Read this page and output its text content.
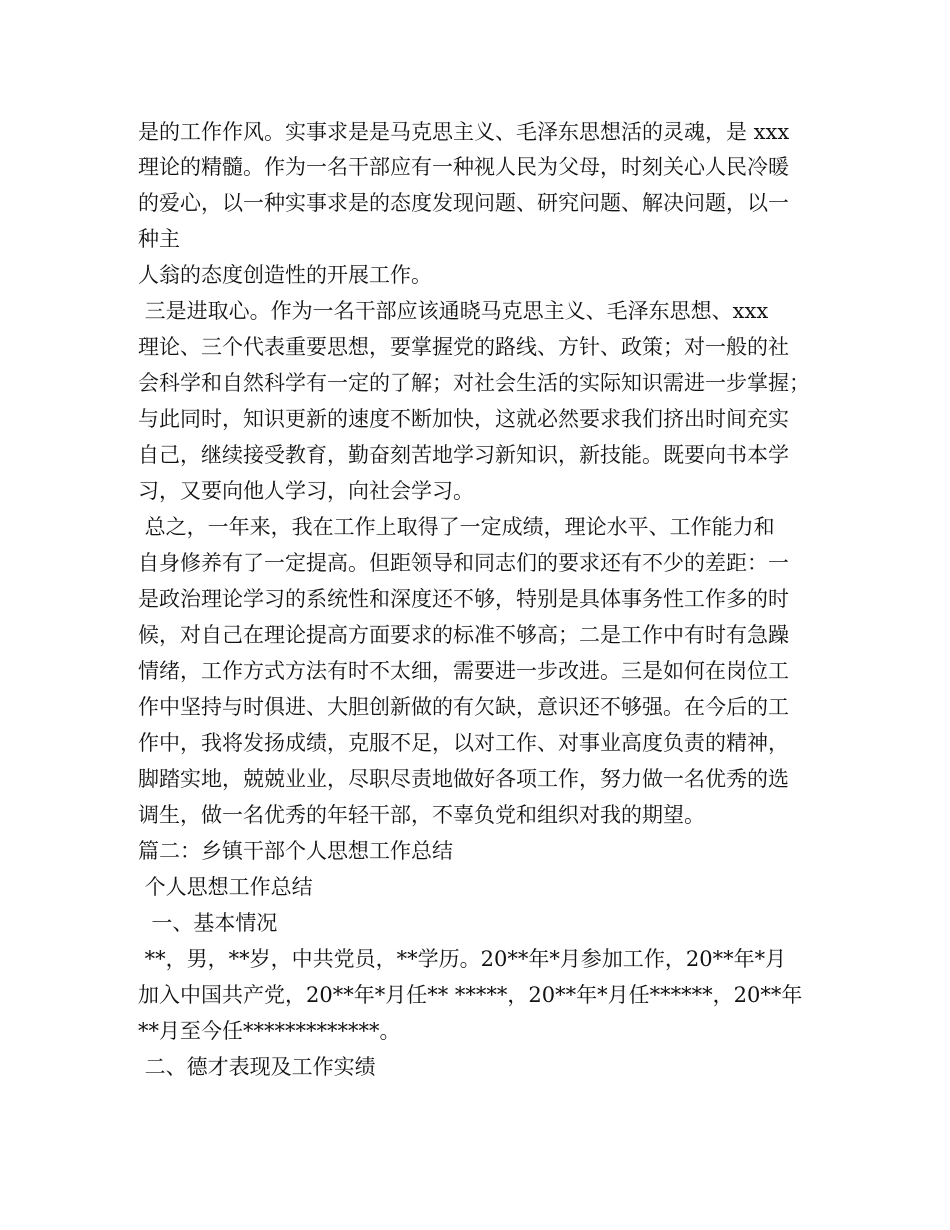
是的工作作风。实事求是是马克思主义、毛泽东思想活的灵魂，是 xxx
理论的精髓。作为一名干部应有一种视人民为父母，时刻关心人民冷暖
的爱心，以一种实事求是的态度发现问题、研究问题、解决问题，以一
种主
人翁的态度创造性的开展工作。
三是进取心。作为一名干部应该通晓马克思主义、毛泽东思想、xxx
理论、三个代表重要思想，要掌握党的路线、方针、政策；对一般的社
会科学和自然科学有一定的了解；对社会生活的实际知识需进一步掌握；
与此同时，知识更新的速度不断加快，这就必然要求我们挤出时间充实
自己，继续接受教育，勤奋刻苦地学习新知识，新技能。既要向书本学
习，又要向他人学习，向社会学习。
总之，一年来，我在工作上取得了一定成绩，理论水平、工作能力和
自身修养有了一定提高。但距领导和同志们的要求还有不少的差距：一
是政治理论学习的系统性和深度还不够，特别是具体事务性工作多的时
候，对自己在理论提高方面要求的标准不够高；二是工作中有时有急躁
情绪，工作方式方法有时不太细，需要进一步改进。三是如何在岗位工
作中坚持与时俱进、大胆创新做的有欠缺，意识还不够强。在今后的工
作中，我将发扬成绩，克服不足，以对工作、对事业高度负责的精神，
脚踏实地，兢兢业业，尽职尽责地做好各项工作，努力做一名优秀的选
调生，做一名优秀的年轻干部，不辜负党和组织对我的期望。
篇二：乡镇干部个人思想工作总结
个人思想工作总结
一、基本情况
**，男，**岁，中共党员，**学历。20**年*月参加工作，20**年*月
加入中国共产党，20**年*月任** *****，20**年*月任******，20**年
**月至今任*************。
二、德才表现及工作实绩
